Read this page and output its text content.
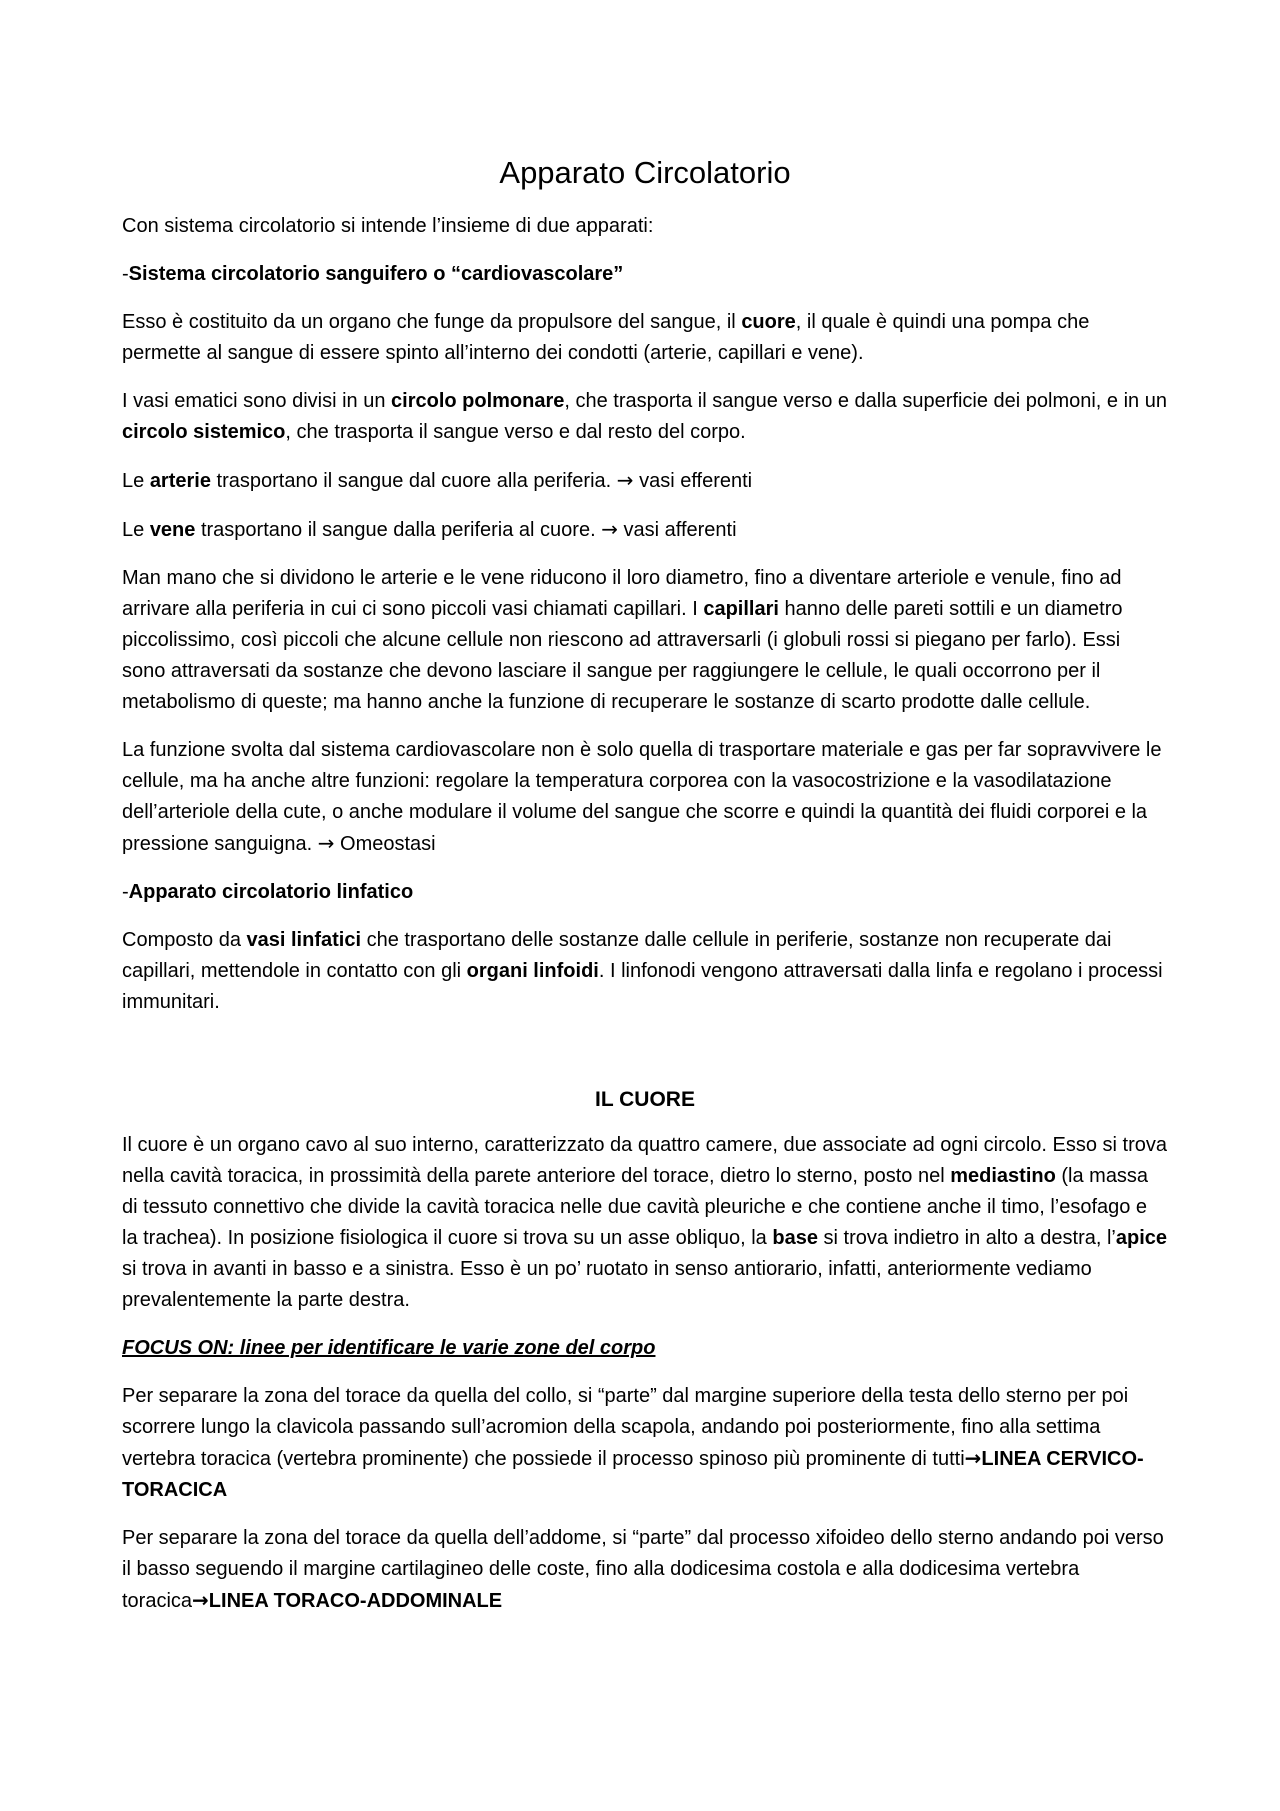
Apparato Circolatorio

Con sistema circolatorio si intende l’insieme di due apparati:

-Sistema circolatorio sanguifero o “cardiovascolare”

Esso è costituito da un organo che funge da propulsore del sangue, il cuore, il quale è quindi una pompa che permette al sangue di essere spinto all’interno dei condotti (arterie, capillari e vene).

I vasi ematici sono divisi in un circolo polmonare, che trasporta il sangue verso e dalla superficie dei polmoni, e in un circolo sistemico, che trasporta il sangue verso e dal resto del corpo.

Le arterie trasportano il sangue dal cuore alla periferia. → vasi efferenti

Le vene trasportano il sangue dalla periferia al cuore. → vasi afferenti

Man mano che si dividono le arterie e le vene riducono il loro diametro, fino a diventare arteriole e venule, fino ad arrivare alla periferia in cui ci sono piccoli vasi chiamati capillari. I capillari hanno delle pareti sottili e un diametro piccolissimo, così piccoli che alcune cellule non riescono ad attraversarli (i globuli rossi si piegano per farlo). Essi sono attraversati da sostanze che devono lasciare il sangue per raggiungere le cellule, le quali occorrono per il metabolismo di queste; ma hanno anche la funzione di recuperare le sostanze di scarto prodotte dalle cellule.

La funzione svolta dal sistema cardiovascolare non è solo quella di trasportare materiale e gas per far sopravvivere le cellule, ma ha anche altre funzioni: regolare la temperatura corporea con la vasocostrizione e la vasodilatazione dell’arteriole della cute, o anche modulare il volume del sangue che scorre e quindi la quantità dei fluidi corporei e la pressione sanguigna. → Omeostasi

-Apparato circolatorio linfatico

Composto da vasi linfatici che trasportano delle sostanze dalle cellule in periferie, sostanze non recuperate dai capillari, mettendole in contatto con gli organi linfoidi. I linfonodi vengono attraversati dalla linfa e regolano i processi immunitari.

IL CUORE

Il cuore è un organo cavo al suo interno, caratterizzato da quattro camere, due associate ad ogni circolo. Esso si trova nella cavità toracica, in prossimità della parete anteriore del torace, dietro lo sterno, posto nel mediastino (la massa di tessuto connettivo che divide la cavità toracica nelle due cavità pleuriche e che contiene anche il timo, l’esofago e la trachea). In posizione fisiologica il cuore si trova su un asse obliquo, la base si trova indietro in alto a destra, l’apice si trova in avanti in basso e a sinistra. Esso è un po’ ruotato in senso antiorario, infatti, anteriormente vediamo prevalentemente la parte destra.

FOCUS ON: linee per identificare le varie zone del corpo

Per separare la zona del torace da quella del collo, si “parte” dal margine superiore della testa dello sterno per poi scorrere lungo la clavicola passando sull’acromion della scapola, andando poi posteriormente, fino alla settima vertebra toracica (vertebra prominente) che possiede il processo spinoso più prominente di tutti→LINEA CERVICO-TORACICA

Per separare la zona del torace da quella dell’addome, si “parte” dal processo xifoideo dello sterno andando poi verso il basso seguendo il margine cartilagineo delle coste, fino alla dodicesima costola e alla dodicesima vertebra toracica→LINEA TORACO-ADDOMINALE
